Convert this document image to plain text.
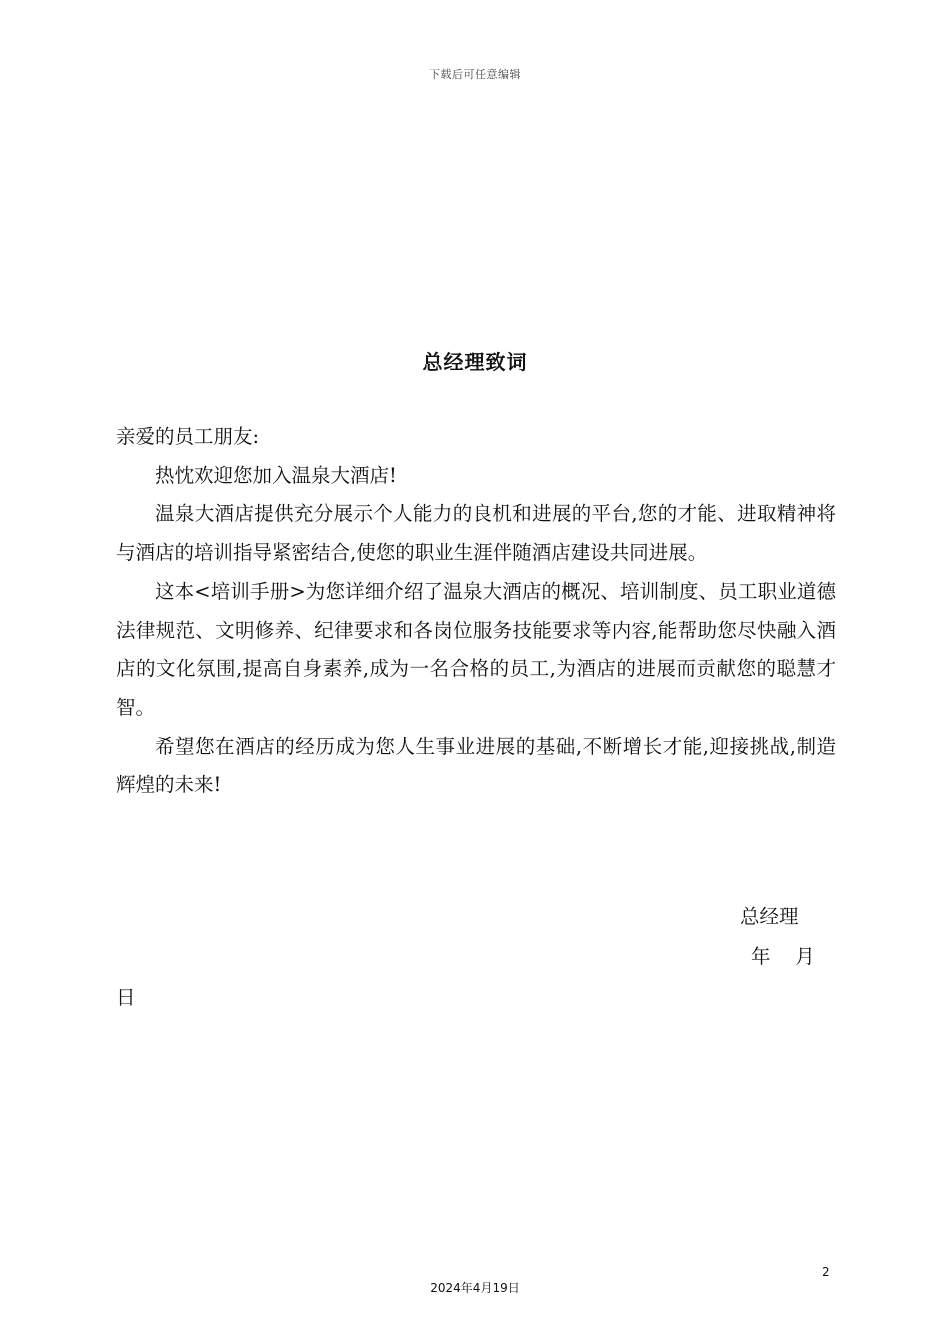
下载后可任意编辑
总经理致词

亲爱的员工朋友:

热忱欢迎您加入温泉大酒店!

温泉大酒店提供充分展示个人能力的良机和进展的平台,您的才能、进取精神将与酒店的培训指导紧密结合,使您的职业生涯伴随酒店建设共同进展。

这本<培训手册>为您详细介绍了温泉大酒店的概况、培训制度、员工职业道德法律规范、文明修养、纪律要求和各岗位服务技能要求等内容,能帮助您尽快融入酒店的文化氛围,提高自身素养,成为一名合格的员工,为酒店的进展而贡献您的聪慧才智。

希望您在酒店的经历成为您人生事业进展的基础,不断增长才能,迎接挑战,制造辉煌的未来!

总经理
年    月
日
2
2024年4月19日
